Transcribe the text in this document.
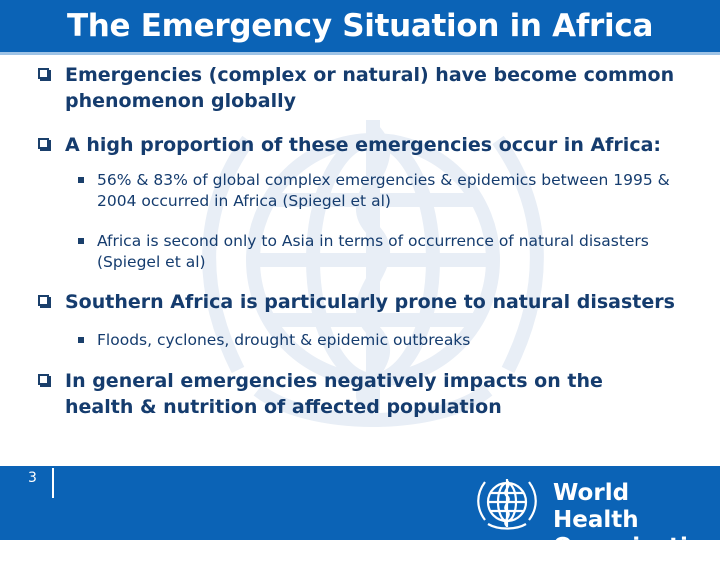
The Emergency Situation in Africa
Emergencies (complex or natural) have become common phenomenon globally
A high proportion of these emergencies occur in Africa:
56% & 83% of global complex emergencies & epidemics between 1995 & 2004 occurred in Africa (Spiegel et al)
Africa is second only to Asia in terms of occurrence of natural disasters (Spiegel et al)
Southern Africa is particularly prone to natural disasters
Floods, cyclones, drought & epidemic outbreaks
In general emergencies negatively impacts on the health & nutrition of affected population
3
World Health
Organization
